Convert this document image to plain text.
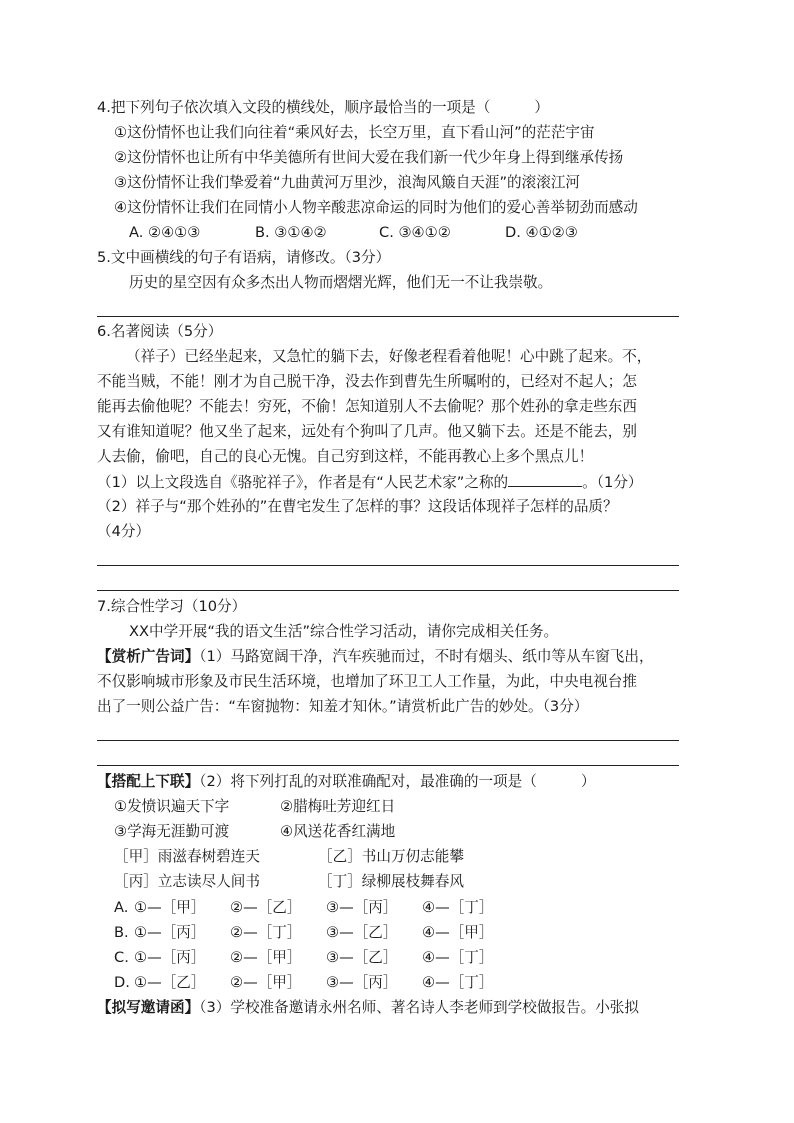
4.把下列句子依次填入文段的横线处，顺序最恰当的一项是（	）
①这份情怀也让我们向往着“乘风好去，长空万里，直下看山河”的茫茫宇宙
②这份情怀也让所有中华美德所有世间大爱在我们新一代少年身上得到继承传扬
③这份情怀让我们挚爱着“九曲黄河万里沙，浪淘风簸自天涯”的滚滚江河
④这份情怀让我们在同情小人物辛酸悲凉命运的同时为他们的爱心善举韧劲而感动
A. ②④①③	B. ③①④②	C. ③④①②	D. ④①②③
5.文中画横线的句子有语病，请修改。（3分）
历史的星空因有众多杰出人物而熠熠光辉，他们无一不让我崇敬。
6.名著阅读（5分）
（祥子）已经坐起来，又急忙的躺下去，好像老程看着他呢！心中跳了起来。不，
不能当贼，不能！刚才为自己脱干净，没去作到曹先生所嘱咐的，已经对不起人；怎
能再去偷他呢？不能去！穷死，不偷！怎知道别人不去偷呢？那个姓孙的拿走些东西
又有谁知道呢？他又坐了起来，远处有个狗叫了几声。他又躺下去。还是不能去，别
人去偷，偷吧，自己的良心无愧。自己穷到这样，不能再教心上多个黑点儿！
（1）以上文段选自《骆驼祥子》，作者是有“人民艺术家”之称的	。（1分）
（2）祥子与“那个姓孙的”在曹宅发生了怎样的事？这段话体现祥子怎样的品质？
（4分）
7.综合性学习（10分）
XX中学开展“我的语文生活”综合性学习活动，请你完成相关任务。
【赏析广告词】（1）马路宽阔干净，汽车疾驰而过，不时有烟头、纸巾等从车窗飞出，
不仅影响城市形象及市民生活环境，也增加了环卫工人工作量，为此，中央电视台推
出了一则公益广告：“车窗抛物：知羞才知休。”请赏析此广告的妙处。（3分）
【搭配上下联】（2）将下列打乱的对联准确配对，最准确的一项是（	）
①发愤识遍天下字	②腊梅吐芳迎红日
③学海无涯勤可渡	④风送花香红满地
［甲］雨滋春树碧连天	［乙］书山万仞志能攀
［丙］立志读尽人间书	［丁］绿柳展枝舞春风
A. ①—［甲］ ②—［乙］ ③—［丙］ ④—［丁］
B. ①—［丙］ ②—［丁］ ③—［乙］ ④—［甲］
C. ①—［丙］ ②—［甲］ ③—［乙］ ④—［丁］
D. ①—［乙］ ②—［甲］ ③—［丙］ ④—［丁］
【拟写邀请函】（3）学校准备邀请永州名师、著名诗人李老师到学校做报告。小张拟
